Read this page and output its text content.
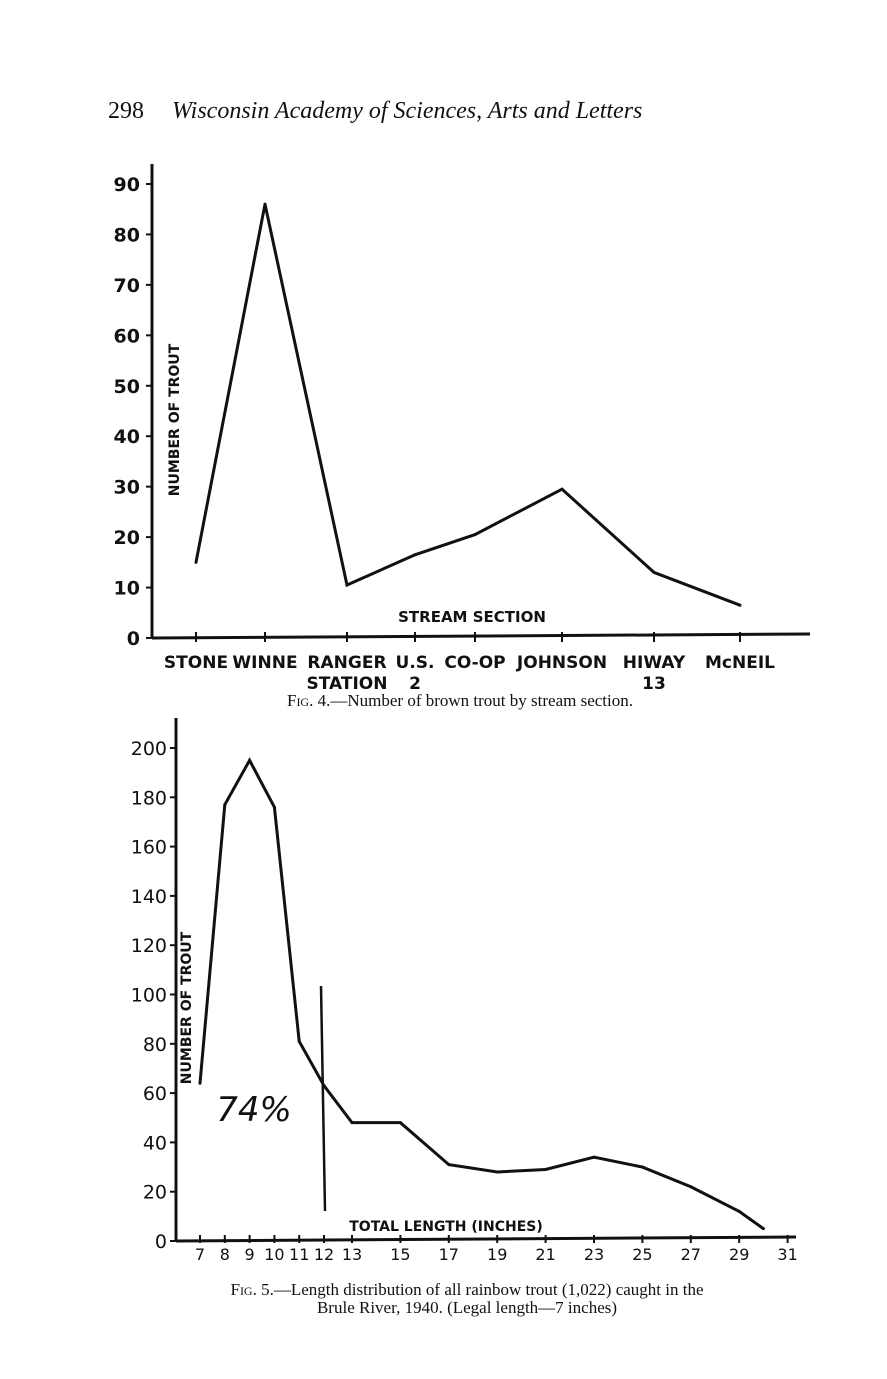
298 Wisconsin Academy of Sciences, Arts and Letters
0
10
20
30
40
50
60
70
80
90
STONE WINNE RANGER
STATION
U.S.
2
CO-OP JOHNSON HIWAY
13
McNEIL
STREAM SECTION
NUMBER OF TROUT
Fig. 4.—Number of brown trout by stream section.
0
20
40
60
80
100
120
140
160
180
200
7 8 9 10 11 12 13 15 17 19 21 23 25 27 29 31
74%
TOTAL LENGTH (INCHES)
NUMBER OF TROUT
Fig. 5.—Length distribution of all rainbow trout (1,022) caught in the
Brule River, 1940. (Legal length—7 inches)
